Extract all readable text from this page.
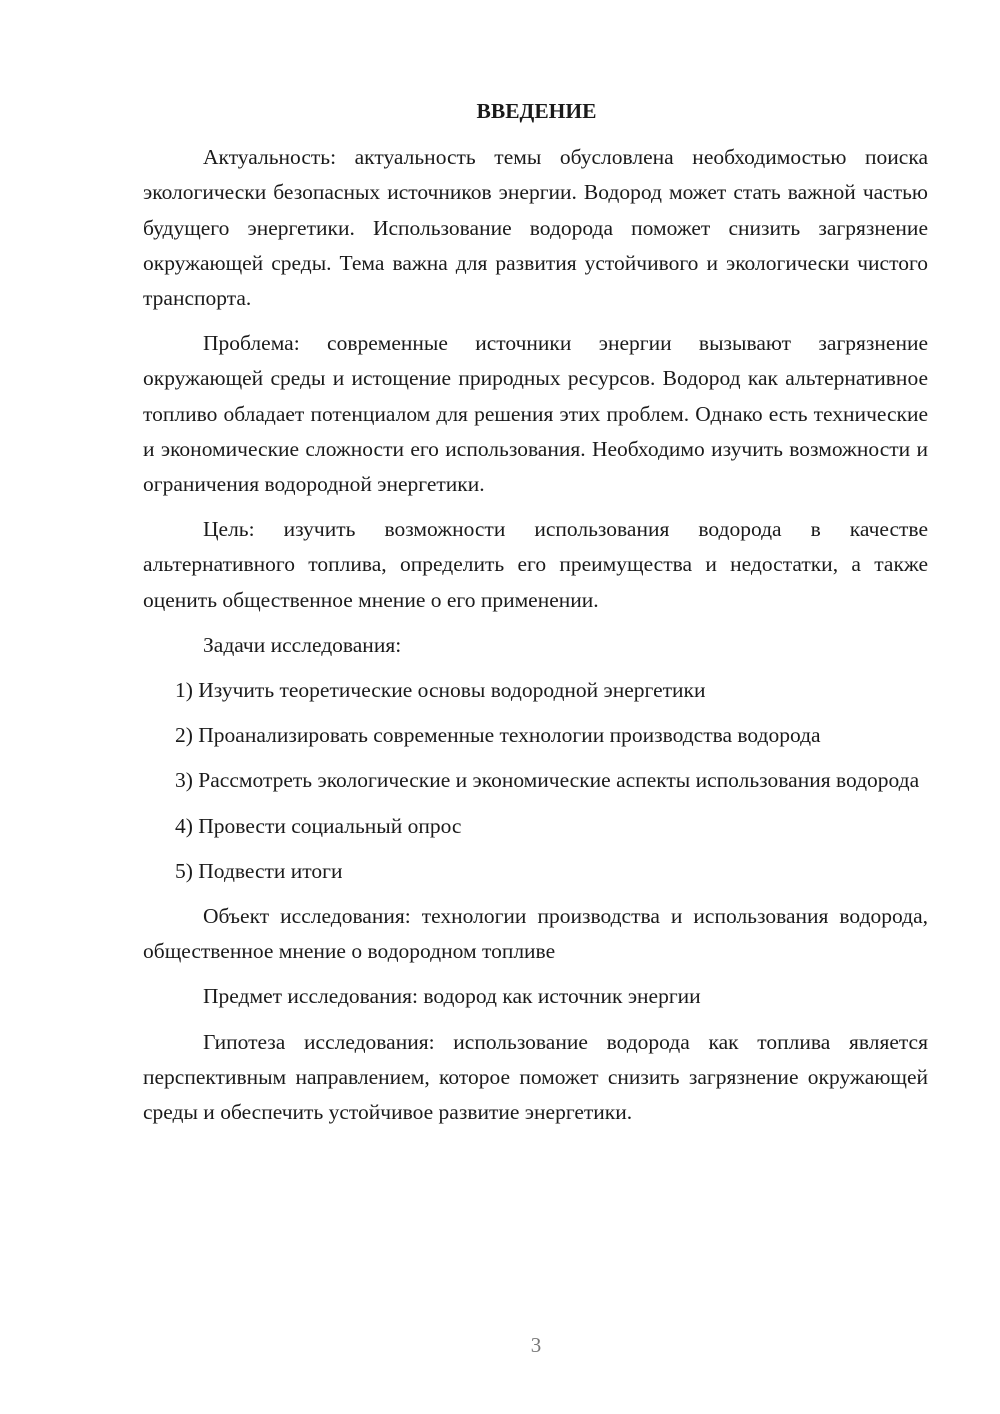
ВВЕДЕНИЕ
Актуальность: актуальность темы обусловлена необходимостью поиска экологически безопасных источников энергии. Водород может стать важной частью будущего энергетики. Использование водорода поможет снизить загрязнение окружающей среды. Тема важна для развития устойчивого и экологически чистого транспорта.
Проблема: современные источники энергии вызывают загрязнение окружающей среды и истощение природных ресурсов. Водород как альтернативное топливо обладает потенциалом для решения этих проблем. Однако есть технические и экономические сложности его использования. Необходимо изучить возможности и ограничения водородной энергетики.
Цель: изучить возможности использования водорода в качестве альтернативного топлива, определить его преимущества и недостатки, а также оценить общественное мнение о его применении.
Задачи исследования:
1) Изучить теоретические основы водородной энергетики
2) Проанализировать современные технологии производства водорода
3) Рассмотреть экологические и экономические аспекты использования водорода
4) Провести социальный опрос
5) Подвести итоги
Объект исследования: технологии производства и использования водорода, общественное мнение о водородном топливе
Предмет исследования: водород как источник энергии
Гипотеза исследования: использование водорода как топлива является перспективным направлением, которое поможет снизить загрязнение окружающей среды и обеспечить устойчивое развитие энергетики.
3
